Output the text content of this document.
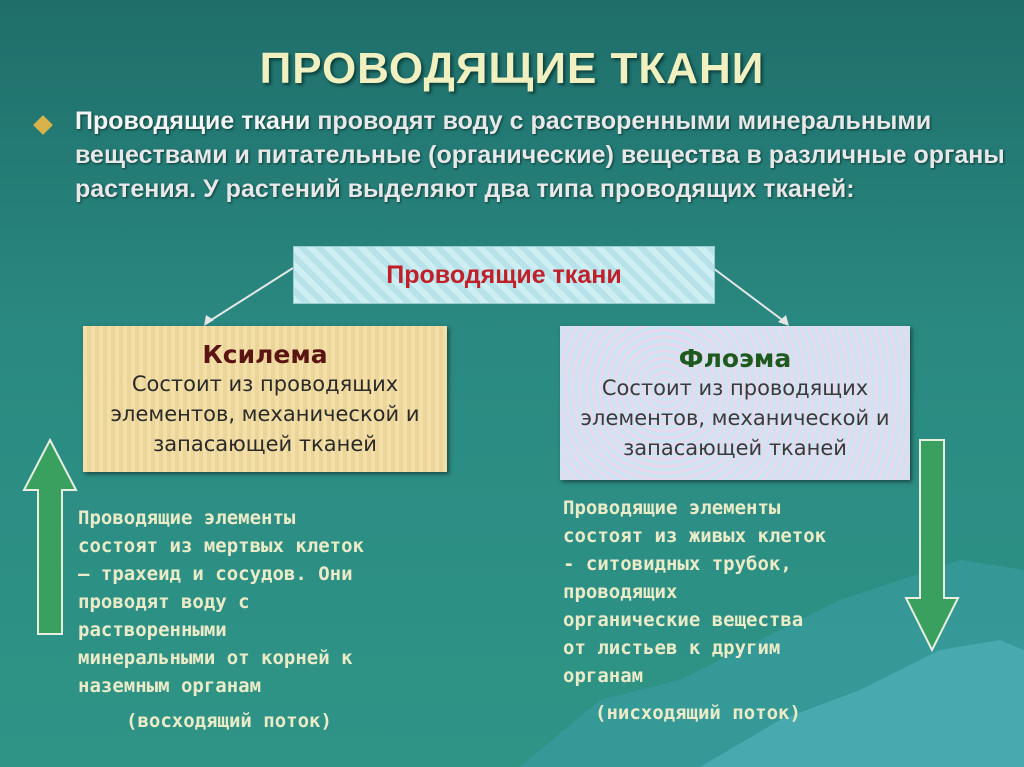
ПРОВОДЯЩИЕ ТКАНИ
Проводящие ткани проводят воду с растворенными минеральными веществами и питательные (органические) вещества в различные органы растения. У растений выделяют два типа проводящих тканей:
Проводящие ткани
Ксилема
Состоит из проводящих элементов, механической и запасающей тканей
Флоэма
Состоит из проводящих элементов, механической и запасающей тканей
Проводящие элементы
состоят из мертвых клеток
– трахеид и сосудов. Они
проводят воду с
растворенными
минеральными от корней к
наземным органам
(восходящий поток)
Проводящие элементы
состоят из живых клеток
- ситовидных трубок,
проводящих
органические вещества
от листьев к другим
органам
(нисходящий поток)
